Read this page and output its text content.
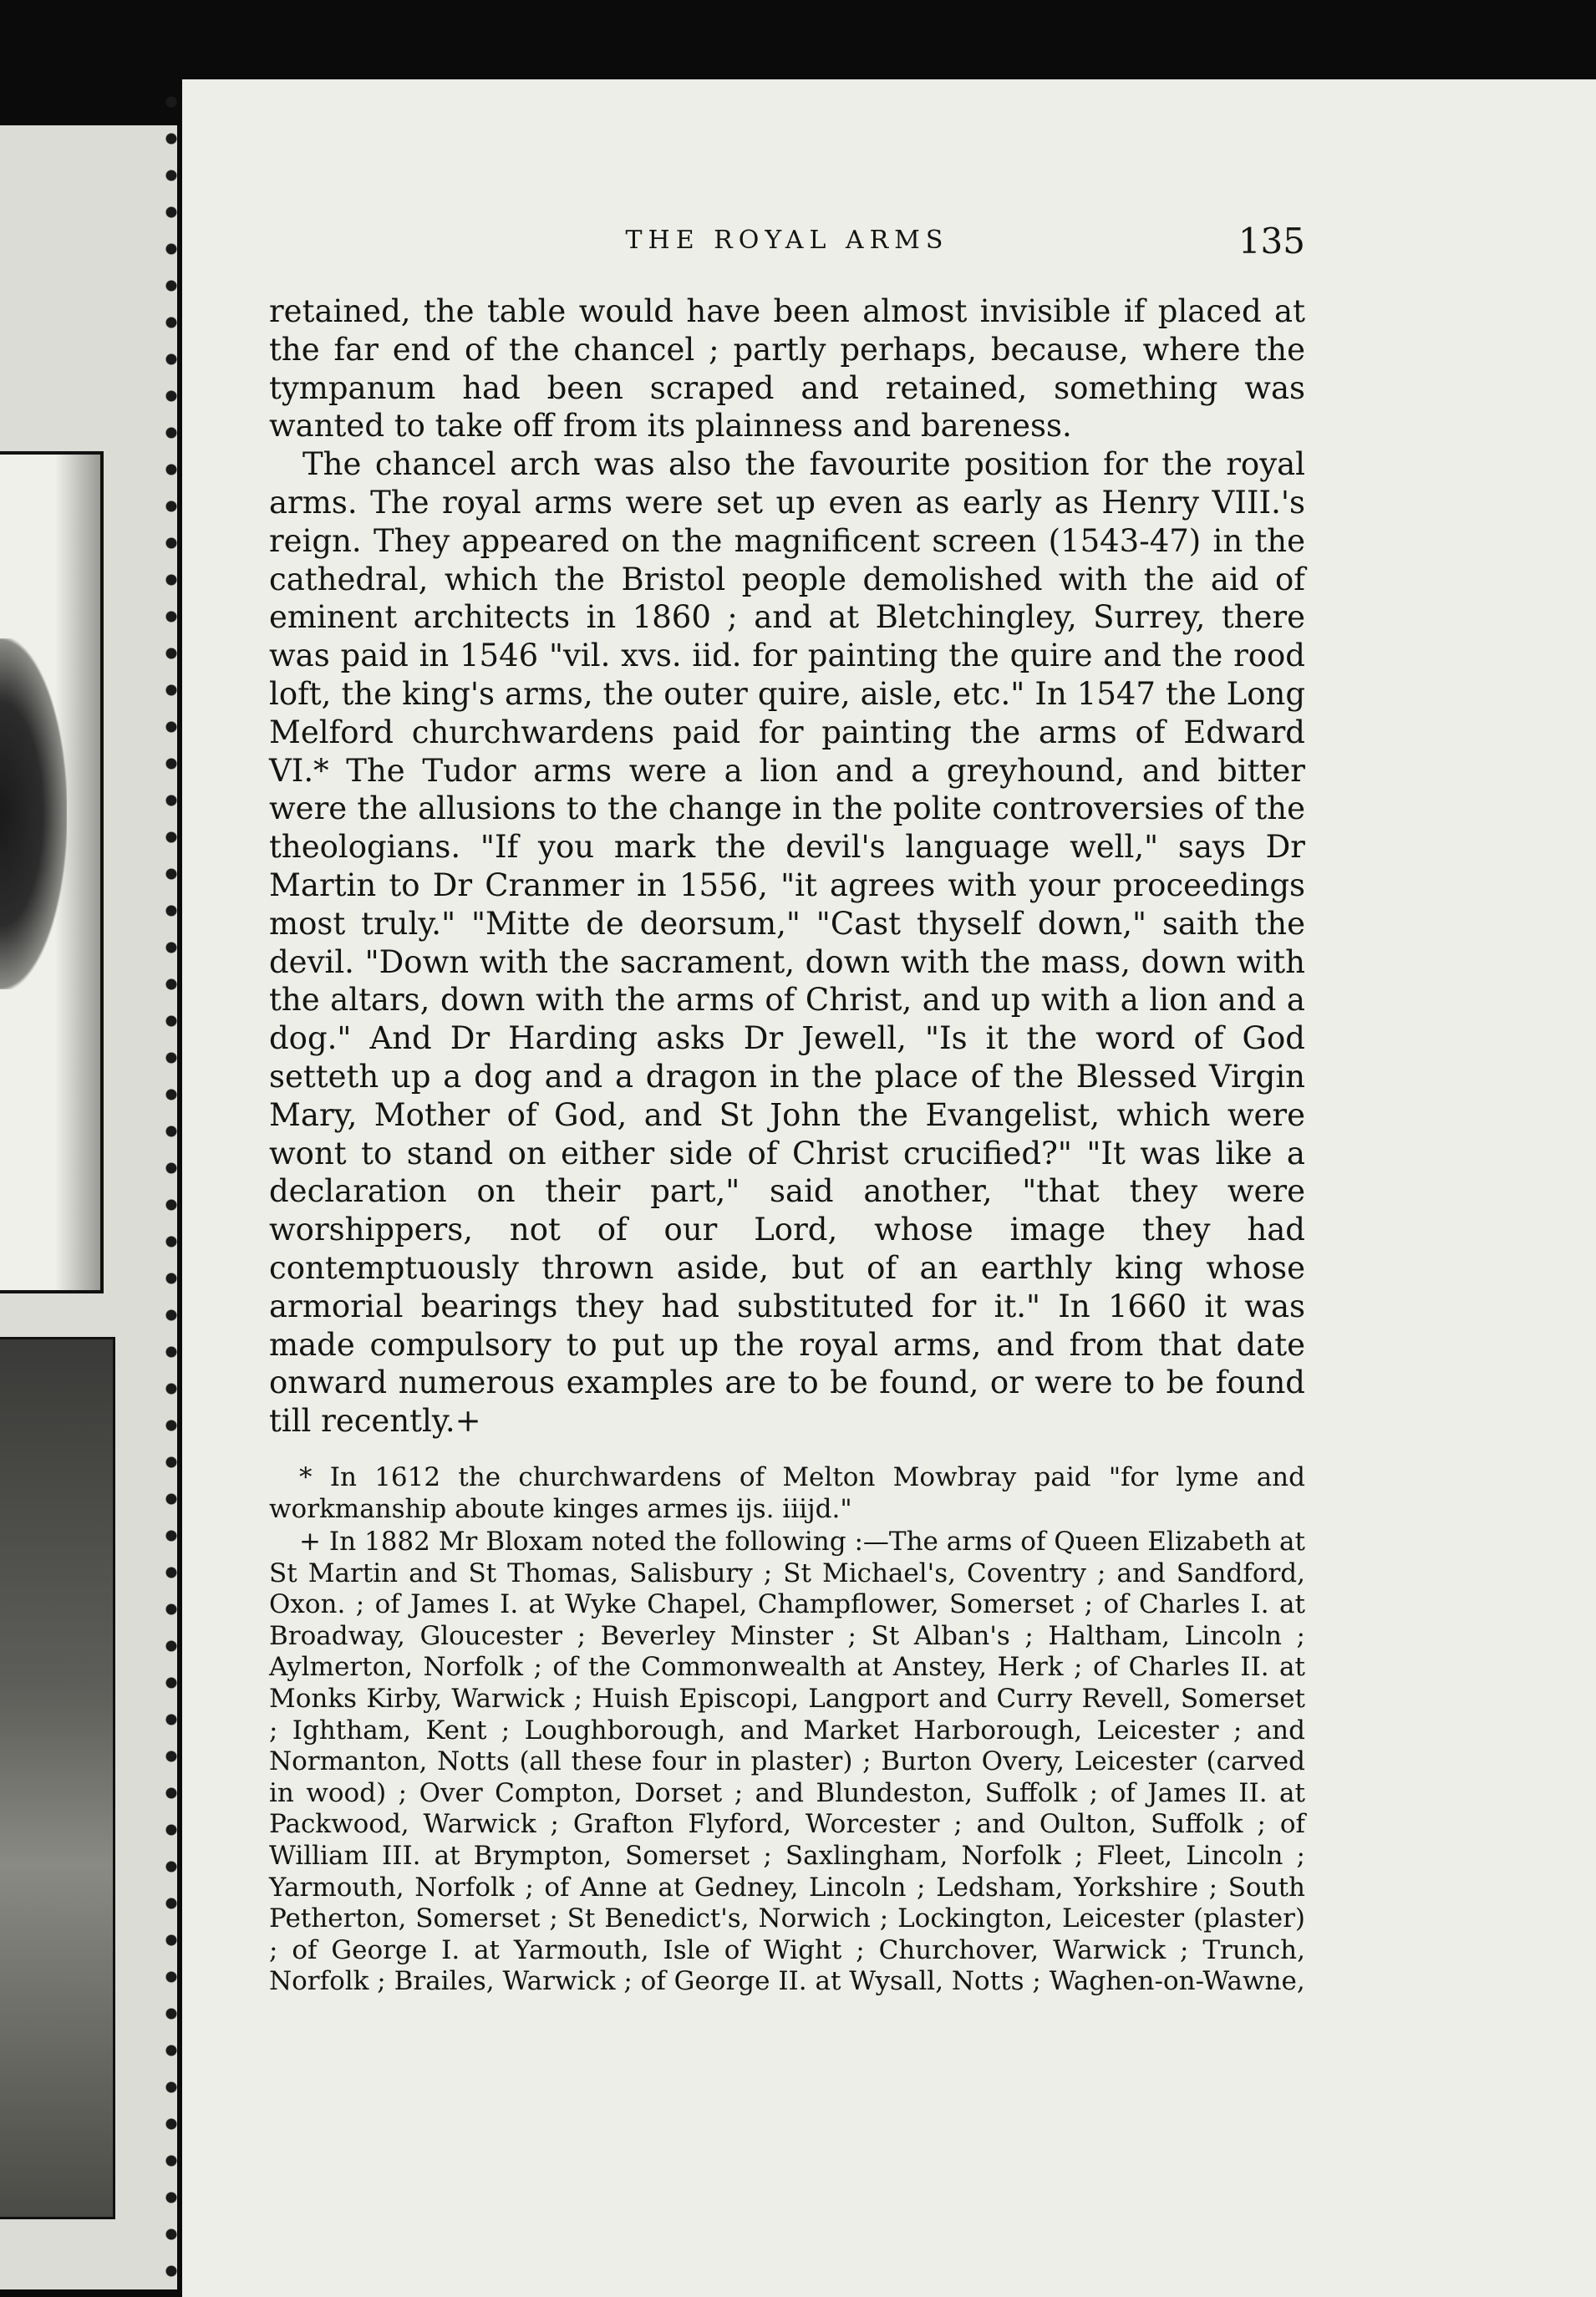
THE ROYAL ARMS	135

retained, the table would have been almost invisible if placed at the far end of the chancel ; partly perhaps, because, where the tympanum had been scraped and retained, something was wanted to take off from its plainness and bareness.

The chancel arch was also the favourite position for the royal arms. The royal arms were set up even as early as Henry VIII.'s reign. They appeared on the magnificent screen (1543-47) in the cathedral, which the Bristol people demolished with the aid of eminent architects in 1860 ; and at Bletchingley, Surrey, there was paid in 1546 "vil. xvs. iid. for painting the quire and the rood loft, the king's arms, the outer quire, aisle, etc." In 1547 the Long Melford churchwardens paid for painting the arms of Edward VI.* The Tudor arms were a lion and a greyhound, and bitter were the allusions to the change in the polite controversies of the theologians. "If you mark the devil's language well," says Dr Martin to Dr Cranmer in 1556, "it agrees with your proceedings most truly." "Mitte de deorsum," "Cast thyself down," saith the devil. "Down with the sacrament, down with the mass, down with the altars, down with the arms of Christ, and up with a lion and a dog." And Dr Harding asks Dr Jewell, "Is it the word of God setteth up a dog and a dragon in the place of the Blessed Virgin Mary, Mother of God, and St John the Evangelist, which were wont to stand on either side of Christ crucified?" "It was like a declaration on their part," said another, "that they were worshippers, not of our Lord, whose image they had contemptuously thrown aside, but of an earthly king whose armorial bearings they had substituted for it." In 1660 it was made compulsory to put up the royal arms, and from that date onward numerous examples are to be found, or were to be found till recently.+

* In 1612 the churchwardens of Melton Mowbray paid "for lyme and workmanship aboute kinges armes ijs. iiijd."

+ In 1882 Mr Bloxam noted the following :—The arms of Queen Elizabeth at St Martin and St Thomas, Salisbury ; St Michael's, Coventry ; and Sandford, Oxon. ; of James I. at Wyke Chapel, Champflower, Somerset ; of Charles I. at Broadway, Gloucester ; Beverley Minster ; St Alban's ; Haltham, Lincoln ; Aylmerton, Norfolk ; of the Commonwealth at Anstey, Herk ; of Charles II. at Monks Kirby, Warwick ; Huish Episcopi, Langport and Curry Revell, Somerset ; Ightham, Kent ; Loughborough, and Market Harborough, Leicester ; and Normanton, Notts (all these four in plaster) ; Burton Overy, Leicester (carved in wood) ; Over Compton, Dorset ; and Blundeston, Suffolk ; of James II. at Packwood, Warwick ; Grafton Flyford, Worcester ; and Oulton, Suffolk ; of William III. at Brympton, Somerset ; Saxlingham, Norfolk ; Fleet, Lincoln ; Yarmouth, Norfolk ; of Anne at Gedney, Lincoln ; Ledsham, Yorkshire ; South Petherton, Somerset ; St Benedict's, Norwich ; Lockington, Leicester (plaster) ; of George I. at Yarmouth, Isle of Wight ; Churchover, Warwick ; Trunch, Norfolk ; Brailes, Warwick ; of George II. at Wysall, Notts ; Waghen-on-Wawne,
